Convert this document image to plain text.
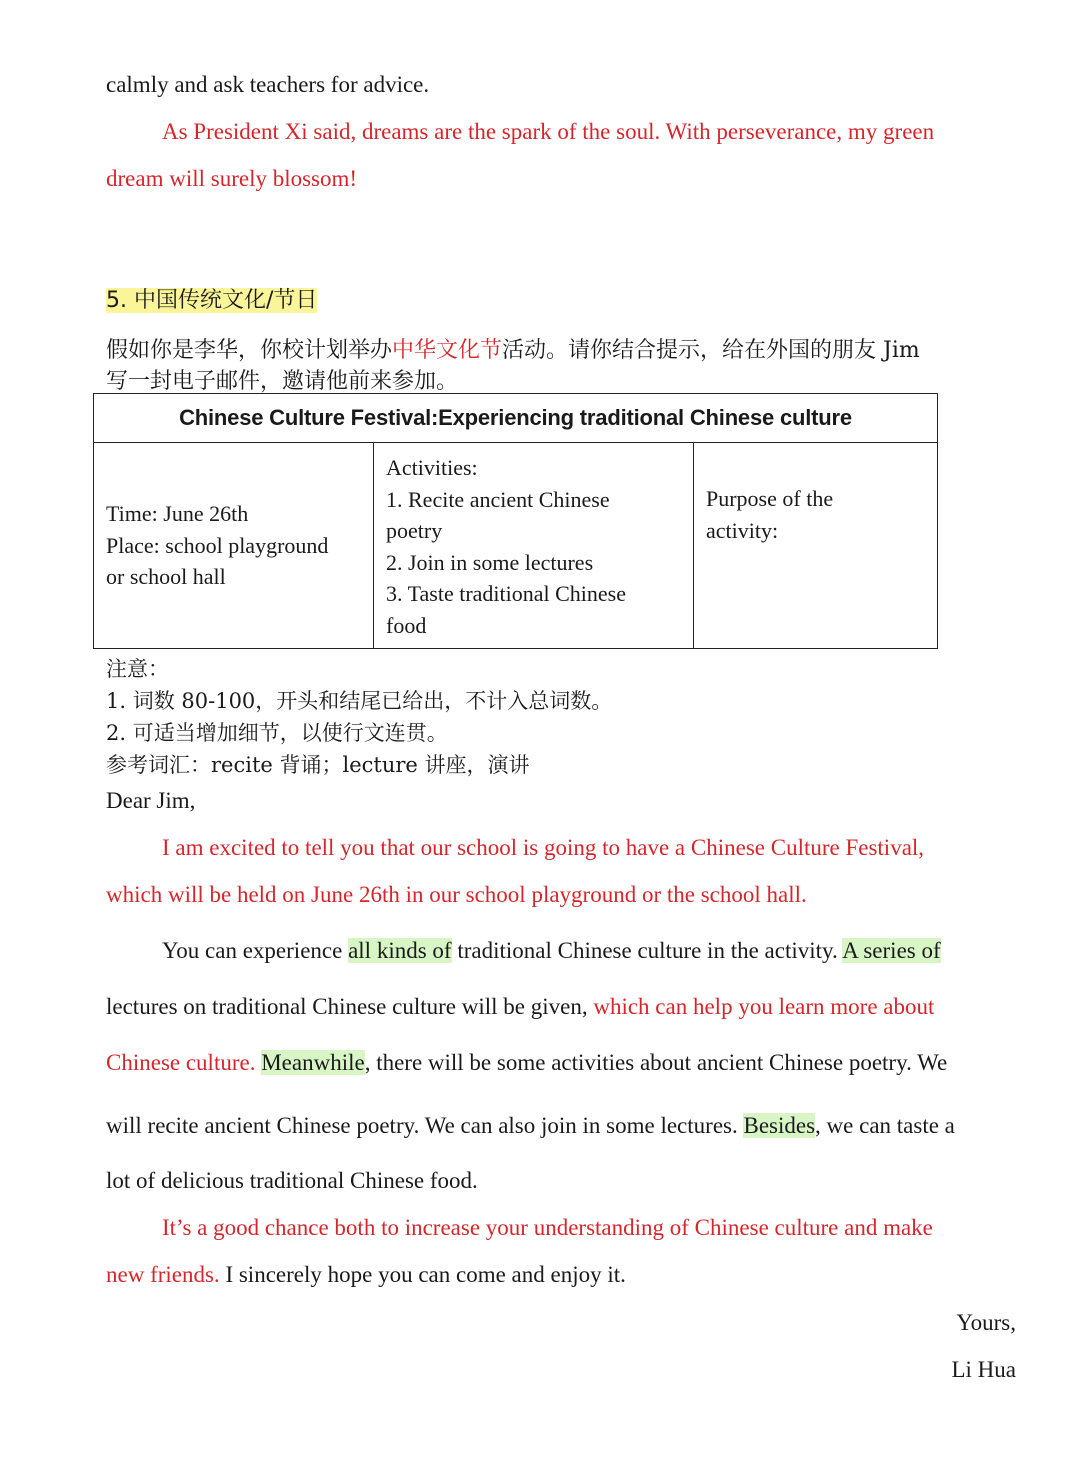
calmly and ask teachers for advice.
As President Xi said, dreams are the spark of the soul. With perseverance, my green
dream will surely blossom!
5. 中国传统文化/节日
假如你是李华，你校计划举办中华文化节活动。请你结合提示，给在外国的朋友 Jim
写一封电子邮件，邀请他前来参加。
Chinese Culture Festival:Experiencing traditional Chinese culture
Time: June 26th
Place: school playground
or school hall
Activities:
1. Recite ancient Chinese
poetry
2. Join in some lectures
3. Taste traditional Chinese
food
Purpose of the
activity:
注意：
1. 词数 80-100，开头和结尾已给出，不计入总词数。
2. 可适当增加细节，以使行文连贯。
参考词汇：recite 背诵；lecture 讲座，演讲
Dear Jim,
I am excited to tell you that our school is going to have a Chinese Culture Festival,
which will be held on June 26th in our school playground or the school hall.
You can experience all kinds of traditional Chinese culture in the activity. A series of
lectures on traditional Chinese culture will be given, which can help you learn more about
Chinese culture. Meanwhile, there will be some activities about ancient Chinese poetry. We
will recite ancient Chinese poetry. We can also join in some lectures. Besides, we can taste a
lot of delicious traditional Chinese food.
It’s a good chance both to increase your understanding of Chinese culture and make
new friends. I sincerely hope you can come and enjoy it.
Yours,
Li Hua
